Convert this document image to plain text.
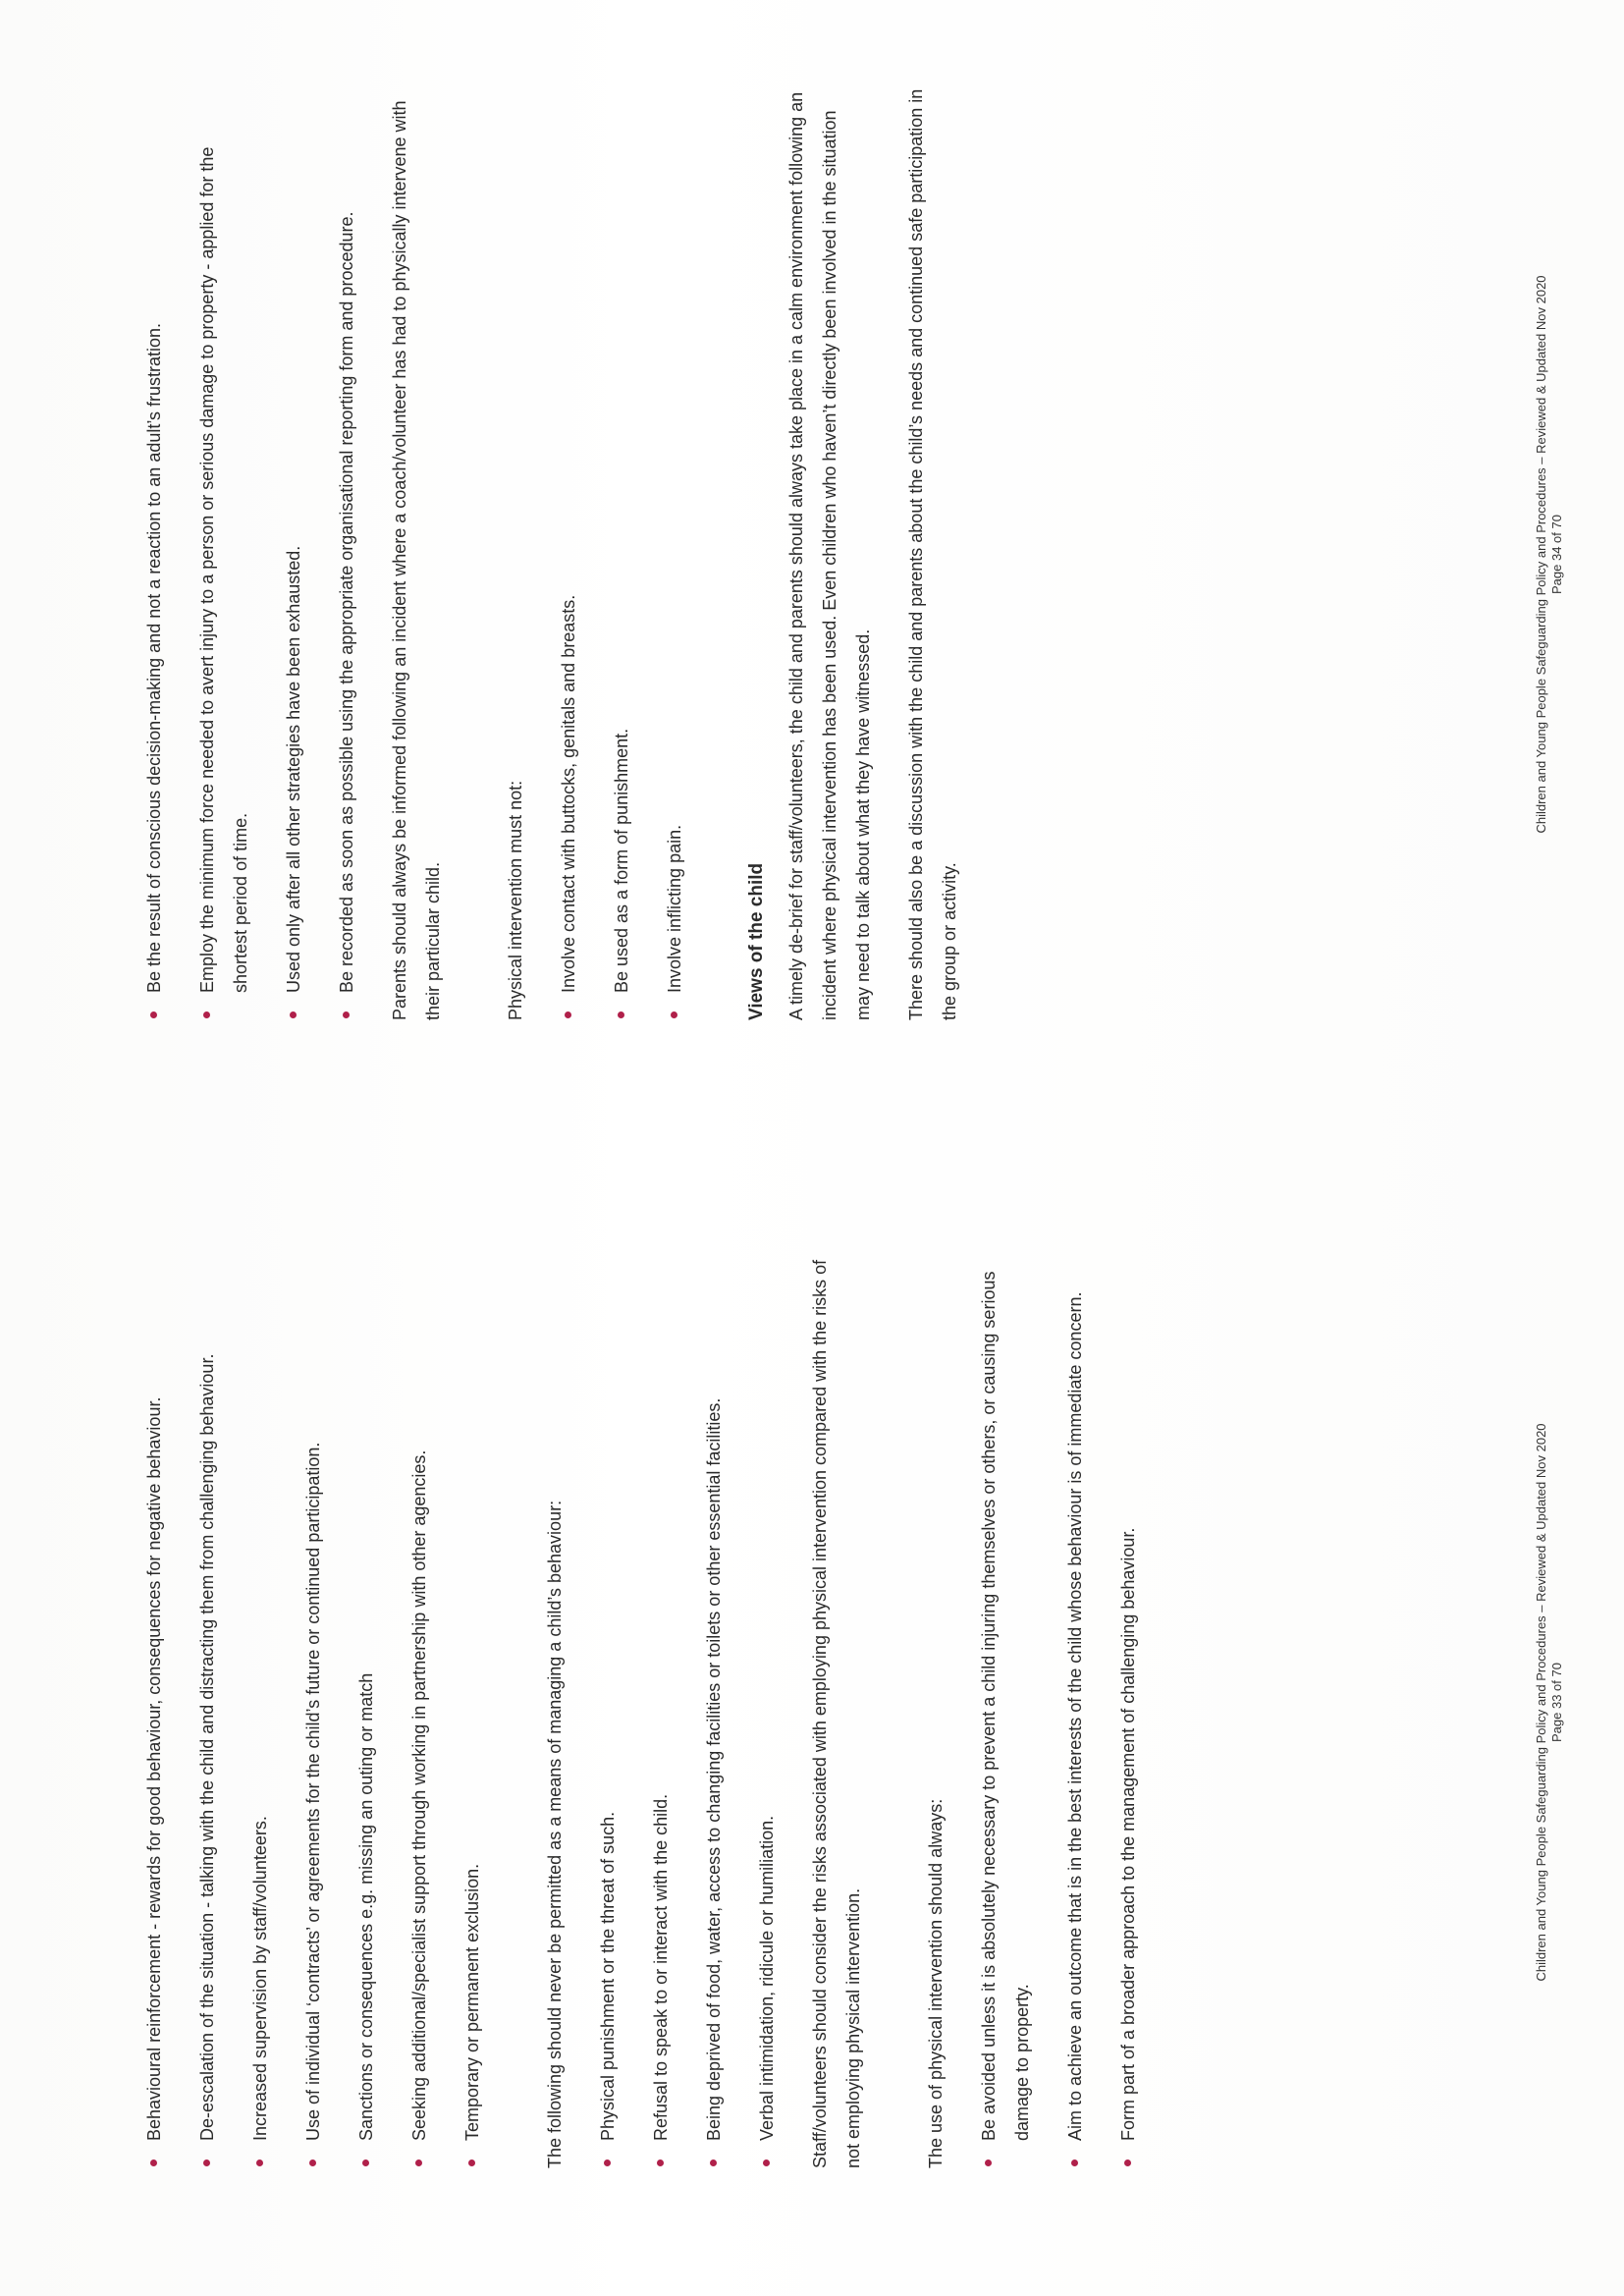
Behavioural reinforcement - rewards for good behaviour, consequences for negative behaviour.	De-escalation of the situation - talking with the child and distracting them from challenging behaviour.	Increased supervision by staff/volunteers.	Use of individual ‘contracts’ or agreements for the child’s future or continued participation.	Sanctions or consequences e.g. missing an outing or match	Seeking additional/specialist support through working in partnership with other agencies.	Temporary or permanent exclusion.	The following should never be permitted as a means of managing a child’s behaviour:	Physical punishment or the threat of such.	Refusal to speak to or interact with the child.	Being deprived of food, water, access to changing facilities or toilets or other essential facilities.	Verbal intimidation, ridicule or humiliation.	Staff/volunteers should consider the risks associated with employing physical intervention compared with the risks of not employing physical intervention.	The use of physical intervention should always:	Be avoided unless it is absolutely necessary to prevent a child injuring themselves or others, or causing serious damage to property.	Aim to achieve an outcome that is in the best interests of the child whose behaviour is of immediate concern.	Form part of a broader approach to the management of challenging behaviour.	Children and Young People Safeguarding Policy and Procedures – Reviewed & Updated Nov 2020 Page 33 of 70
Be the result of conscious decision-making and not a reaction to an adult’s frustration.	Employ the minimum force needed to avert injury to a person or serious damage to property - applied for the shortest period of time.	Used only after all other strategies have been exhausted.	Be recorded as soon as possible using the appropriate organisational reporting form and procedure.	Parents should always be informed following an incident where a coach/volunteer has had to physically intervene with their particular child.	Physical intervention must not:	Involve contact with buttocks, genitals and breasts.	Be used as a form of punishment.	Involve inflicting pain.	Views of the child	A timely de-brief for staff/volunteers, the child and parents should always take place in a calm environment following an incident where physical intervention has been used. Even children who haven’t directly been involved in the situation may need to talk about what they have witnessed.	There should also be a discussion with the child and parents about the child’s needs and continued safe participation in the group or activity.

Children and Young People Safeguarding Policy and Procedures – Reviewed & Updated Nov 2020 Page 34 of 70
